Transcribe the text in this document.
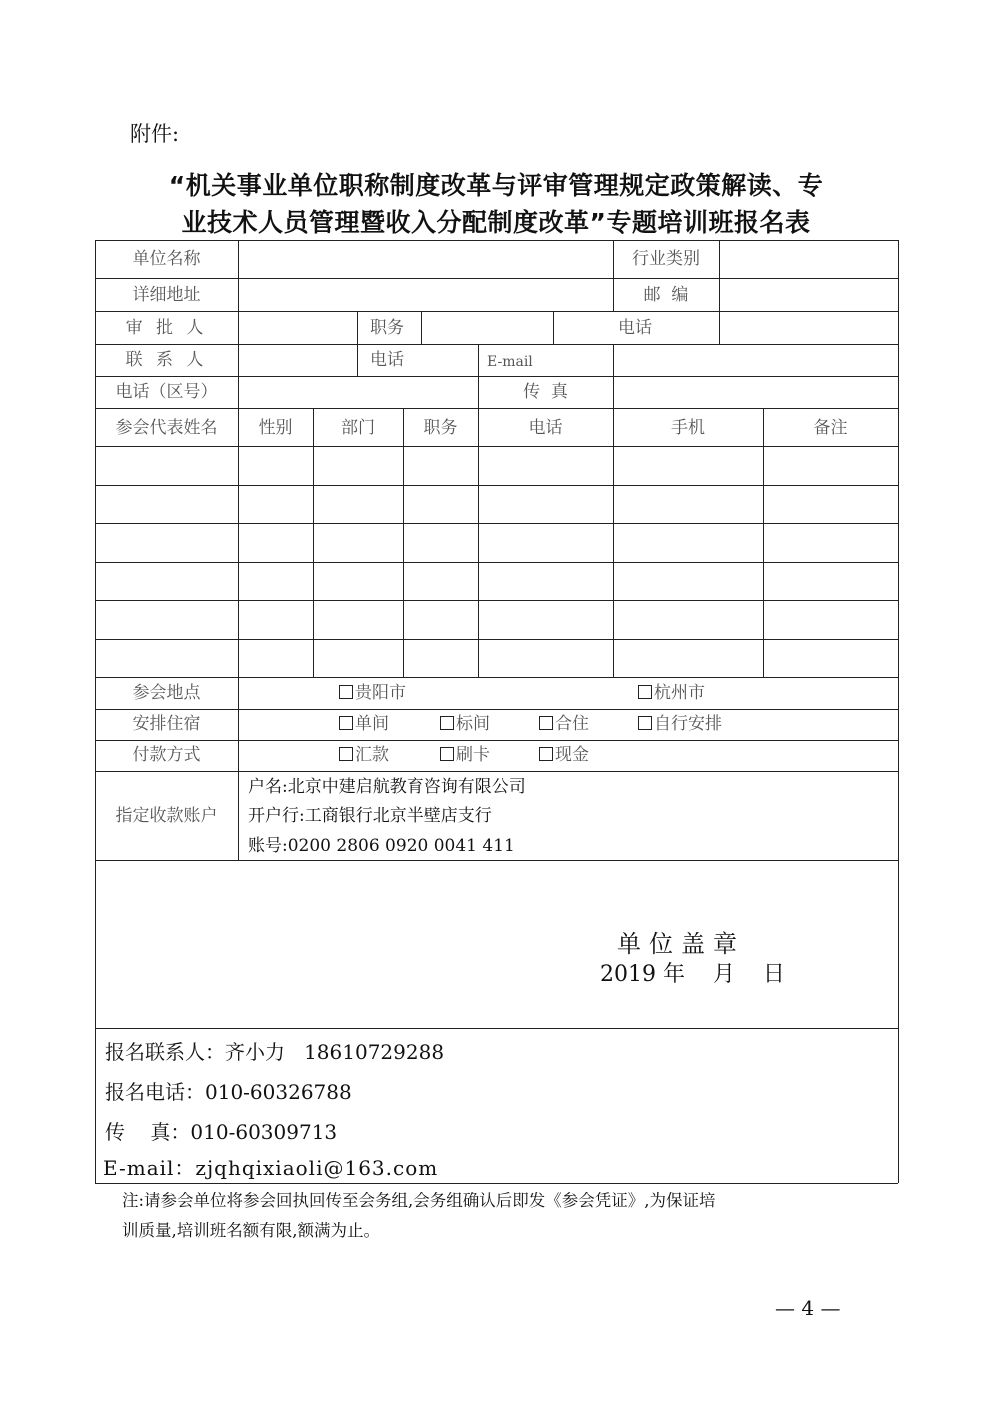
附件:
“机关事业单位职称制度改革与评审管理规定政策解读、专
业技术人员管理暨收入分配制度改革”专题培训班报名表
单位名称	行业类别
详细地址	邮  编
审 批 人	职务	电话
联 系 人	电话	E-mail
电话（区号）	传  真
参会代表姓名	性别	部门	职务	电话	手机	备注
参会地点	贵阳市	杭州市
安排住宿	单间	标间	合住	自行安排
付款方式	汇款	刷卡	现金
指定收款账户
户名:北京中建启航教育咨询有限公司
开户行:工商银行北京半壁店支行
账号:0200 2806 0920 0041 411
单位盖章
2019 年    月    日
报名联系人：齐小力   18610729288
报名电话：010-60326788
传    真：010-60309713
E-mail：zjqhqixiaoli@163.com
注:请参会单位将参会回执回传至会务组,会务组确认后即发《参会凭证》,为保证培
训质量,培训班名额有限,额满为止。
— 4 —
